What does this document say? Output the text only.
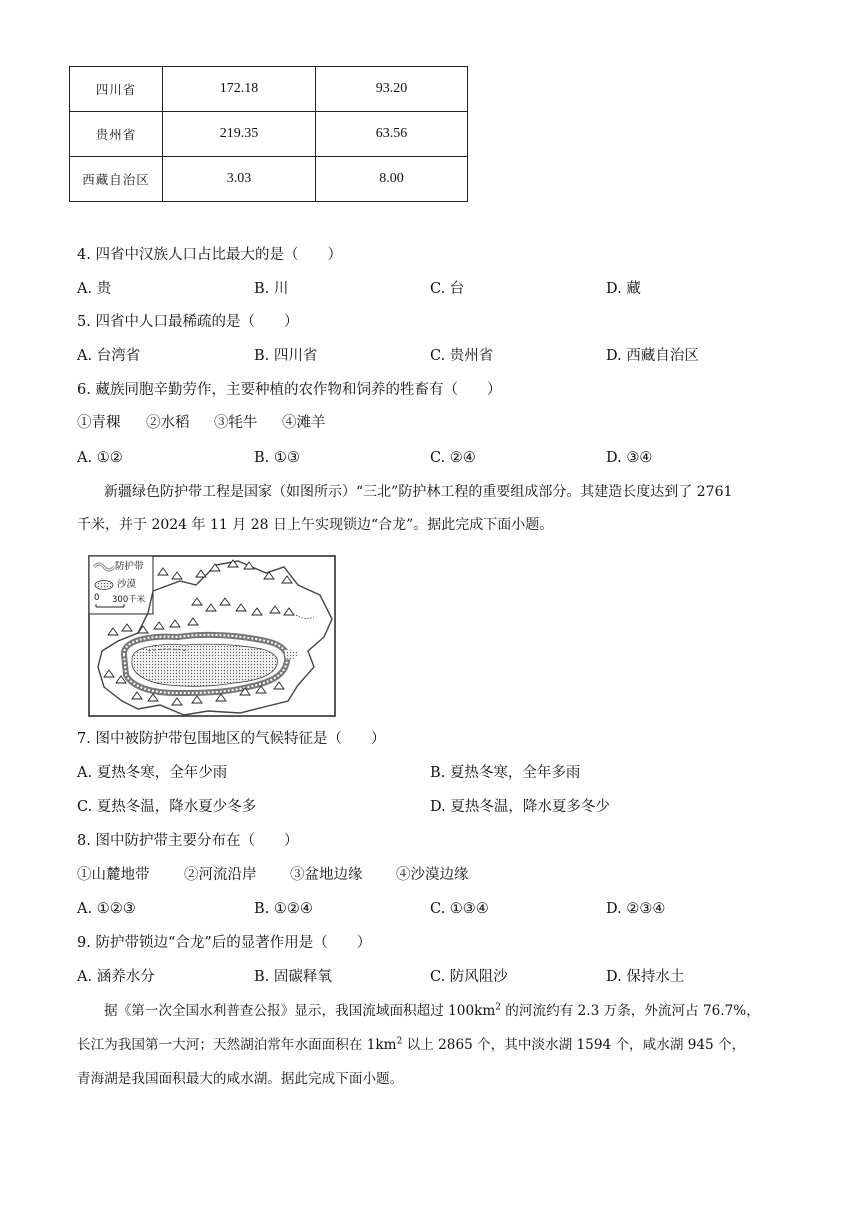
四川省	172.18	93.20
贵州省	219.35	63.56
西藏自治区	3.03	8.00
4. 四省中汉族人口占比最大的是（　　）
A. 贵	B. 川	C. 台	D. 藏
5. 四省中人口最稀疏的是（　　）
A. 台湾省	B. 四川省	C. 贵州省	D. 西藏自治区
6. 藏族同胞辛勤劳作，主要种植的农作物和饲养的牲畜有（　　）
①青稞 ②水稻 ③牦牛 ④滩羊
A. ①②	B. ①③	C. ②④	D. ③④
新疆绿色防护带工程是国家（如图所示）“三北”防护林工程的重要组成部分。其建造长度达到了 2761
千米，并于 2024 年 11 月 28 日上午实现锁边“合龙”。据此完成下面小题。
防护带
沙漠
0 300千米
7. 图中被防护带包围地区的气候特征是（　　）
A. 夏热冬寒，全年少雨	B. 夏热冬寒，全年多雨
C. 夏热冬温，降水夏少冬多	D. 夏热冬温，降水夏多冬少
8. 图中防护带主要分布在（　　）
①山麓地带 ②河流沿岸 ③盆地边缘 ④沙漠边缘
A. ①②③	B. ①②④	C. ①③④	D. ②③④
9. 防护带锁边“合龙”后的显著作用是（　　）
A. 涵养水分	B. 固碳释氧	C. 防风阻沙	D. 保持水土
据《第一次全国水利普查公报》显示，我国流域面积超过 $100km^2$ 的河流约有 2.3 万条，外流河占 76.7%，
长江为我国第一大河；天然湖泊常年水面面积在 $1km^2$ 以上 2865 个，其中淡水湖 1594 个，咸水湖 945 个，
青海湖是我国面积最大的咸水湖。据此完成下面小题。
